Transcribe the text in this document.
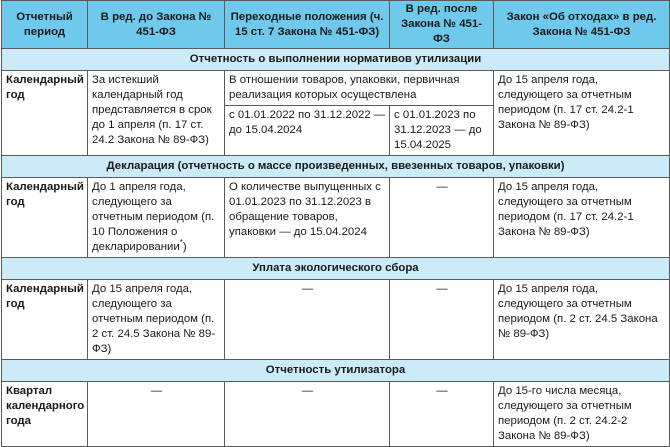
Отчетный период	В ред. до Закона № 451-ФЗ	Переходные положения (ч. 15 ст. 7 Закона № 451-ФЗ)	В ред. после Закона № 451-ФЗ	Закон «Об отходах» в ред. Закона № 451-ФЗ
Отчетность о выполнении нормативов утилизации				
Календарный год	За истекший календарный год представляется в срок до 1 апреля (п. 17 ст. 24.2 Закона № 89-ФЗ)	В отношении товаров, упаковки, первичная реализация которых осуществлена		До 15 апреля года, следующего за отчетным периодом (п. 17 ст. 24.2-1 Закона № 89-ФЗ)
		с 01.01.2022 по 31.12.2022 — до 15.04.2024	с 01.01.2023 по 31.12.2023 — до 15.04.2025	
Декларация (отчетность о массе произведенных, ввезенных товаров, упаковки)				
Календарный год	До 1 апреля года, следующего за отчетным периодом (п. 10 Положения о декларировании*)	О количестве выпущенных с 01.01.2023 по 31.12.2023 в обращение товаров, упаковки — до 15.04.2024	—	До 15 апреля года, следующего за отчетным периодом (п. 17 ст. 24.2-1 Закона № 89-ФЗ)
Уплата экологического сбора				
Календарный год	До 15 апреля года, следующего за отчетным периодом (п. 2 ст. 24.5 Закона № 89-ФЗ)	—	—	До 15 апреля года, следующего за отчетным периодом (п. 2 ст. 24.5 Закона № 89-ФЗ)
Отчетность утилизатора				
Квартал календарного года	—	—	—	До 15-го числа месяца, следующего за отчетным периодом (п. 2 ст. 24.2-2 Закона № 89-ФЗ)
